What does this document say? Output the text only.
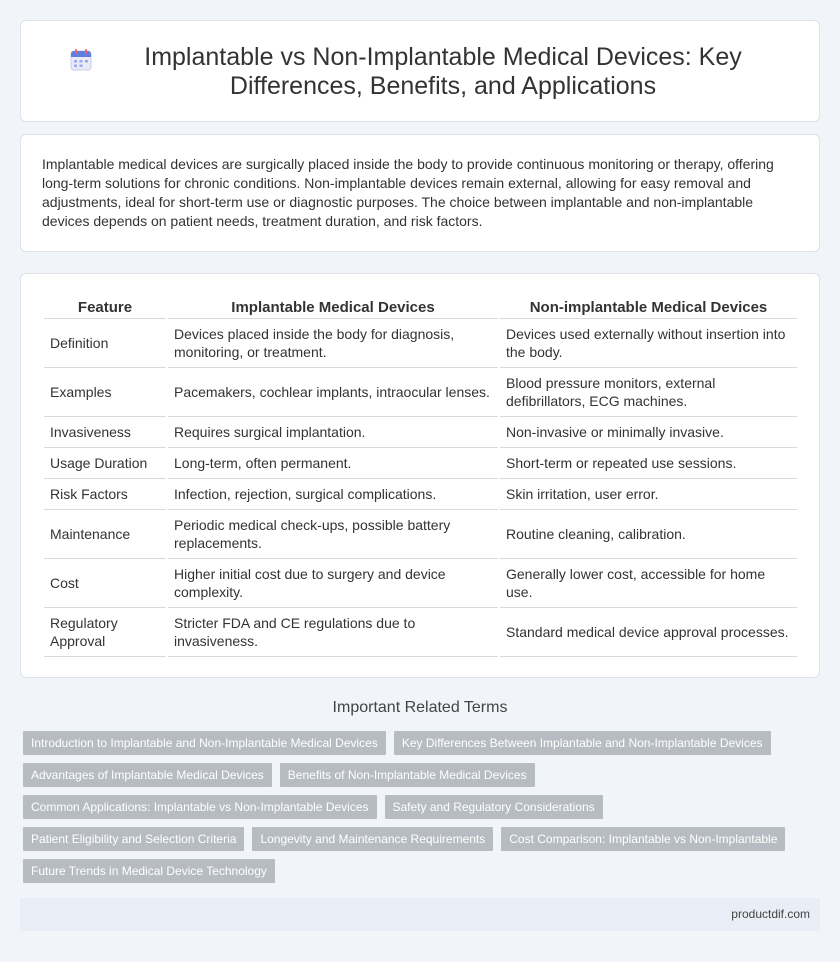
Implantable vs Non-Implantable Medical Devices: Key Differences, Benefits, and Applications

Implantable medical devices are surgically placed inside the body to provide continuous monitoring or therapy, offering long-term solutions for chronic conditions. Non-implantable devices remain external, allowing for easy removal and adjustments, ideal for short-term use or diagnostic purposes. The choice between implantable and non-implantable devices depends on patient needs, treatment duration, and risk factors.

Feature	Implantable Medical Devices	Non-implantable Medical Devices
Definition	Devices placed inside the body for diagnosis, monitoring, or treatment.	Devices used externally without insertion into the body.
Examples	Pacemakers, cochlear implants, intraocular lenses.	Blood pressure monitors, external defibrillators, ECG machines.
Invasiveness	Requires surgical implantation.	Non-invasive or minimally invasive.
Usage Duration	Long-term, often permanent.	Short-term or repeated use sessions.
Risk Factors	Infection, rejection, surgical complications.	Skin irritation, user error.
Maintenance	Periodic medical check-ups, possible battery replacements.	Routine cleaning, calibration.
Cost	Higher initial cost due to surgery and device complexity.	Generally lower cost, accessible for home use.
Regulatory Approval	Stricter FDA and CE regulations due to invasiveness.	Standard medical device approval processes.
Important Related Terms
Introduction to Implantable and Non-Implantable Medical Devices	Key Differences Between Implantable and Non-Implantable Devices
Advantages of Implantable Medical Devices	Benefits of Non-Implantable Medical Devices
Common Applications: Implantable vs Non-Implantable Devices	Safety and Regulatory Considerations
Patient Eligibility and Selection Criteria	Longevity and Maintenance Requirements	Cost Comparison: Implantable vs Non-Implantable
Future Trends in Medical Device Technology
productdif.com
